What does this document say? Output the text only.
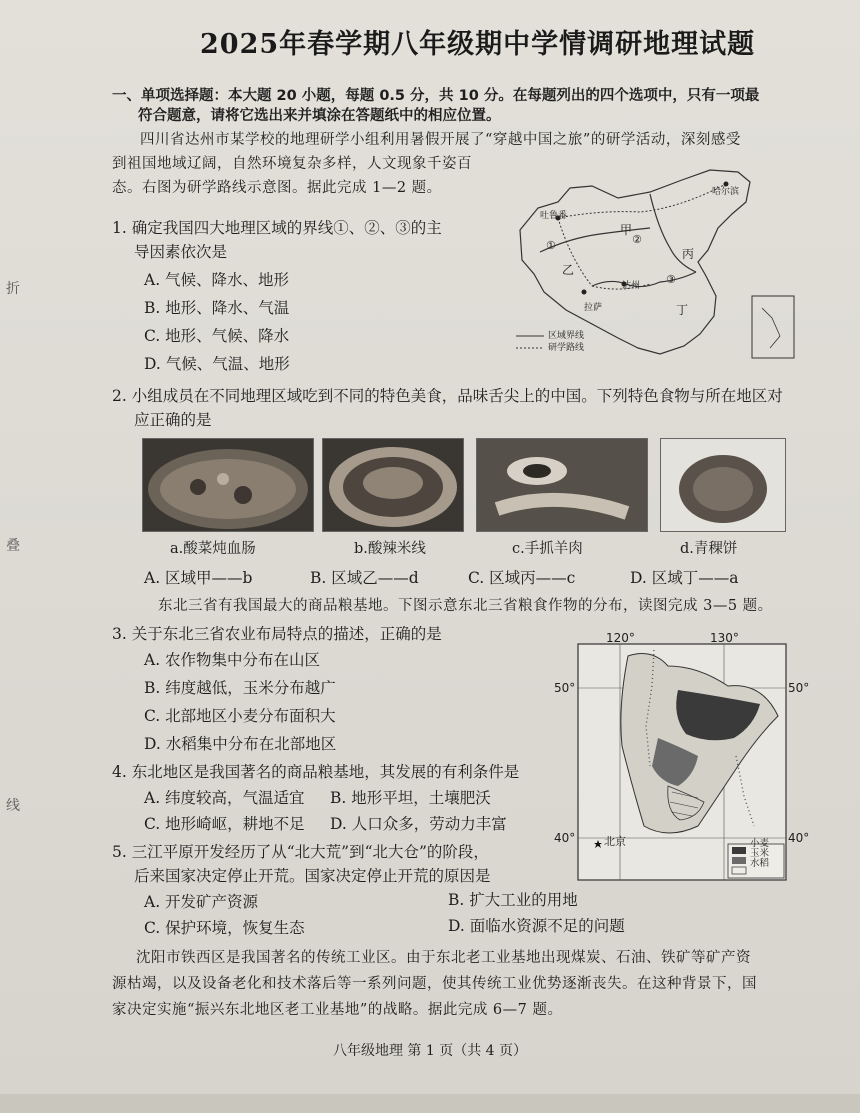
折
叠
线
2025年春学期八年级期中学情调研地理试题
一、单项选择题：本大题 20 小题，每题 0.5 分，共 10 分。在每题列出的四个选项中，只有一项最
符合题意，请将它选出来并填涂在答题纸中的相应位置。
四川省达州市某学校的地理研学小组利用暑假开展了“穿越中国之旅”的研学活动，深刻感受
到祖国地域辽阔，自然环境复杂多样，人文现象千姿百
态。右图为研学路线示意图。据此完成 1—2 题。
甲
乙
丙
丁
①	②
③
哈尔滨
吐鲁番
拉萨
达州
区域界线
研学路线
1. 确定我国四大地理区域的界线①、②、③的主
导因素依次是
A. 气候、降水、地形
B. 地形、降水、气温
C. 地形、气候、降水
D. 气候、气温、地形
2. 小组成员在不同地理区域吃到不同的特色美食，品味舌尖上的中国。下列特色食物与所在地区对
应正确的是
a.酸菜炖血肠	b.酸辣米线	c.手抓羊肉	d.青稞饼
A. 区域甲——b	B. 区域乙——d	C. 区域丙——c	D. 区域丁——a
东北三省有我国最大的商品粮基地。下图示意东北三省粮食作物的分布，读图完成 3—5 题。
120°	130°
50°	50°
40°	40°
北京	小麦
玉米
水稻
3. 关于东北三省农业布局特点的描述，正确的是
A. 农作物集中分布在山区
B. 纬度越低，玉米分布越广
C. 北部地区小麦分布面积大
D. 水稻集中分布在北部地区
4. 东北地区是我国著名的商品粮基地，其发展的有利条件是
A. 纬度较高，气温适宜 B. 地形平坦，土壤肥沃
C. 地形崎岖，耕地不足 D. 人口众多，劳动力丰富
5. 三江平原开发经历了从“北大荒”到“北大仓”的阶段，
后来国家决定停止开荒。国家决定停止开荒的原因是
A. 开发矿产资源	B. 扩大工业的用地
C. 保护环境，恢复生态	D. 面临水资源不足的问题
沈阳市铁西区是我国著名的传统工业区。由于东北老工业基地出现煤炭、石油、铁矿等矿产资
源枯竭，以及设备老化和技术落后等一系列问题，使其传统工业优势逐渐丧失。在这种背景下，国
家决定实施“振兴东北地区老工业基地”的战略。据此完成 6—7 题。
八年级地理 第 1 页（共 4 页）
